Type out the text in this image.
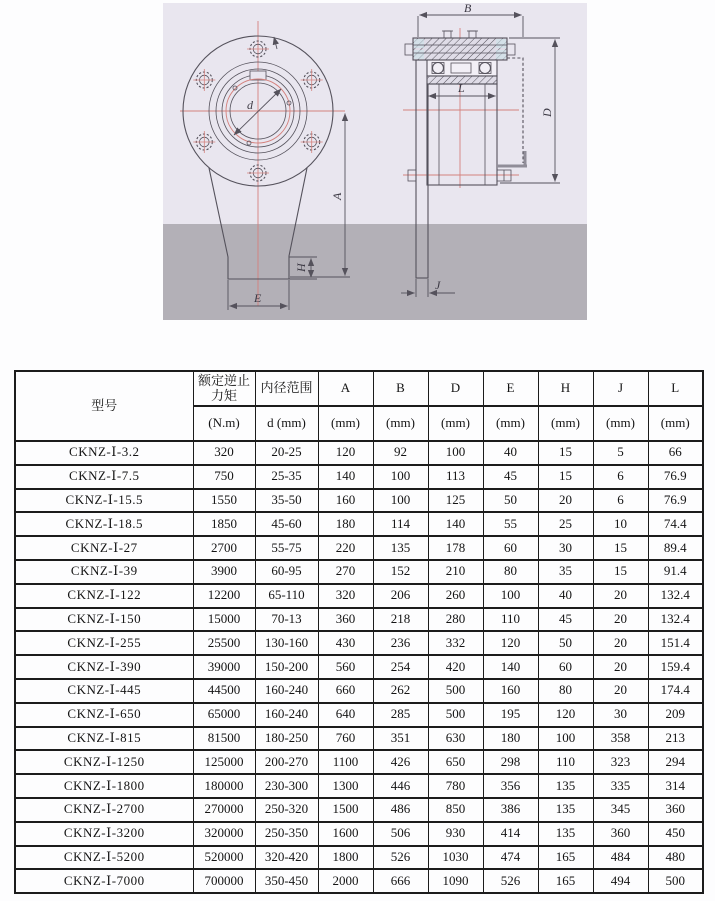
d
A
H
E
L
B
D
J
型号	额定逆止力矩	内径范围	A	B	D	E	H	J	L
	(N.m)	d (mm)	(mm)	(mm)	(mm)	(mm)	(mm)	(mm)	(mm)
CKNZ-Ⅰ-3.2	320	20-25	120	92	100	40	15	5	66
CKNZ-Ⅰ-7.5	750	25-35	140	100	113	45	15	6	76.9
CKNZ-Ⅰ-15.5	1550	35-50	160	100	125	50	20	6	76.9
CKNZ-Ⅰ-18.5	1850	45-60	180	114	140	55	25	10	74.4
CKNZ-Ⅰ-27	2700	55-75	220	135	178	60	30	15	89.4
CKNZ-Ⅰ-39	3900	60-95	270	152	210	80	35	15	91.4
CKNZ-Ⅰ-122	12200	65-110	320	206	260	100	40	20	132.4
CKNZ-Ⅰ-150	15000	70-13	360	218	280	110	45	20	132.4
CKNZ-Ⅰ-255	25500	130-160	430	236	332	120	50	20	151.4
CKNZ-Ⅰ-390	39000	150-200	560	254	420	140	60	20	159.4
CKNZ-Ⅰ-445	44500	160-240	660	262	500	160	80	20	174.4
CKNZ-Ⅰ-650	65000	160-240	640	285	500	195	120	30	209
CKNZ-Ⅰ-815	81500	180-250	760	351	630	180	100	358	213
CKNZ-Ⅰ-1250	125000	200-270	1100	426	650	298	110	323	294
CKNZ-Ⅰ-1800	180000	230-300	1300	446	780	356	135	335	314
CKNZ-Ⅰ-2700	270000	250-320	1500	486	850	386	135	345	360
CKNZ-Ⅰ-3200	320000	250-350	1600	506	930	414	135	360	450
CKNZ-Ⅰ-5200	520000	320-420	1800	526	1030	474	165	484	480
CKNZ-Ⅰ-7000	700000	350-450	2000	666	1090	526	165	494	500
